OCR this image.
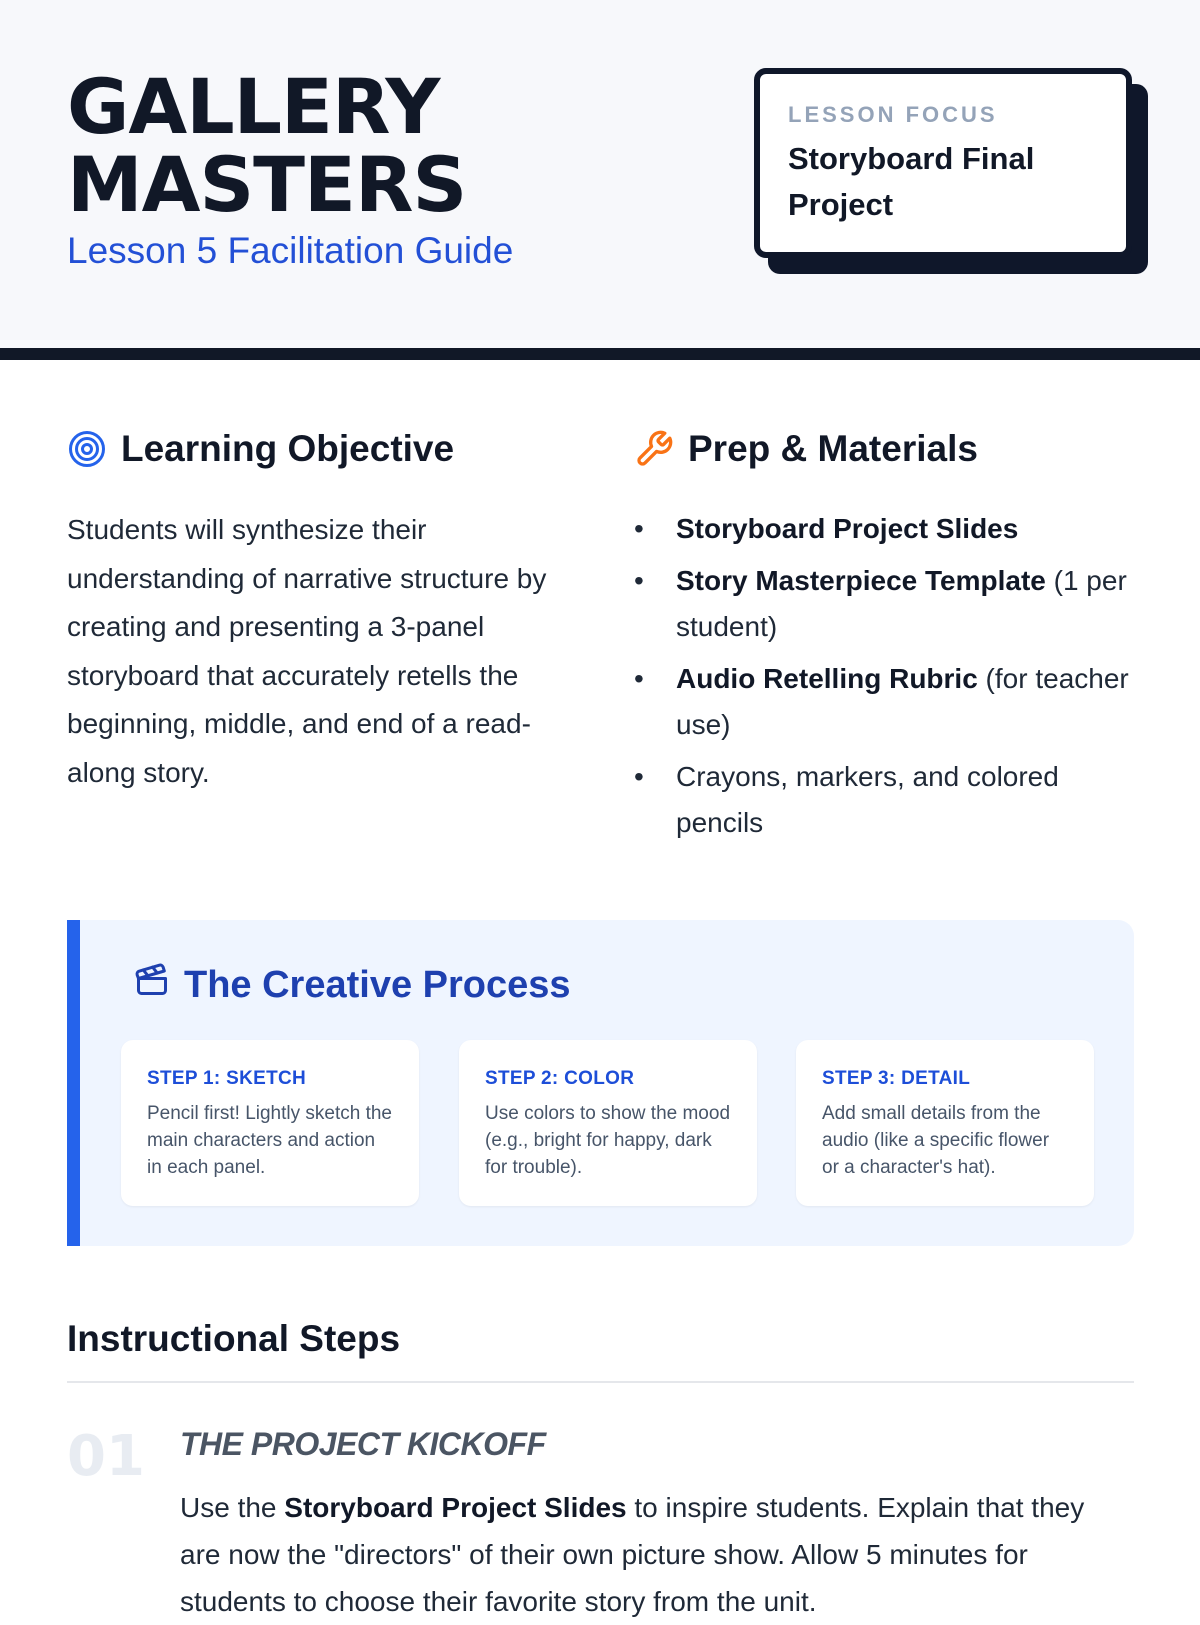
GALLERY
MASTERS
Lesson 5 Facilitation Guide
LESSON FOCUS
Storyboard Final Project
Learning Objective
Students will synthesize their understanding of narrative structure by creating and presenting a 3-panel storyboard that accurately retells the beginning, middle, and end of a read-along story.
Prep & Materials
• Storyboard Project Slides
• Story Masterpiece Template (1 per student)
• Audio Retelling Rubric (for teacher use)
• Crayons, markers, and colored pencils
The Creative Process
STEP 1: SKETCH
Pencil first! Lightly sketch the main characters and action in each panel.
STEP 2: COLOR
Use colors to show the mood (e.g., bright for happy, dark for trouble).
STEP 3: DETAIL
Add small details from the audio (like a specific flower or a character's hat).
Instructional Steps
01 THE PROJECT KICKOFF
Use the Storyboard Project Slides to inspire students. Explain that they are now the "directors" of their own picture show. Allow 5 minutes for students to choose their favorite story from the unit.
